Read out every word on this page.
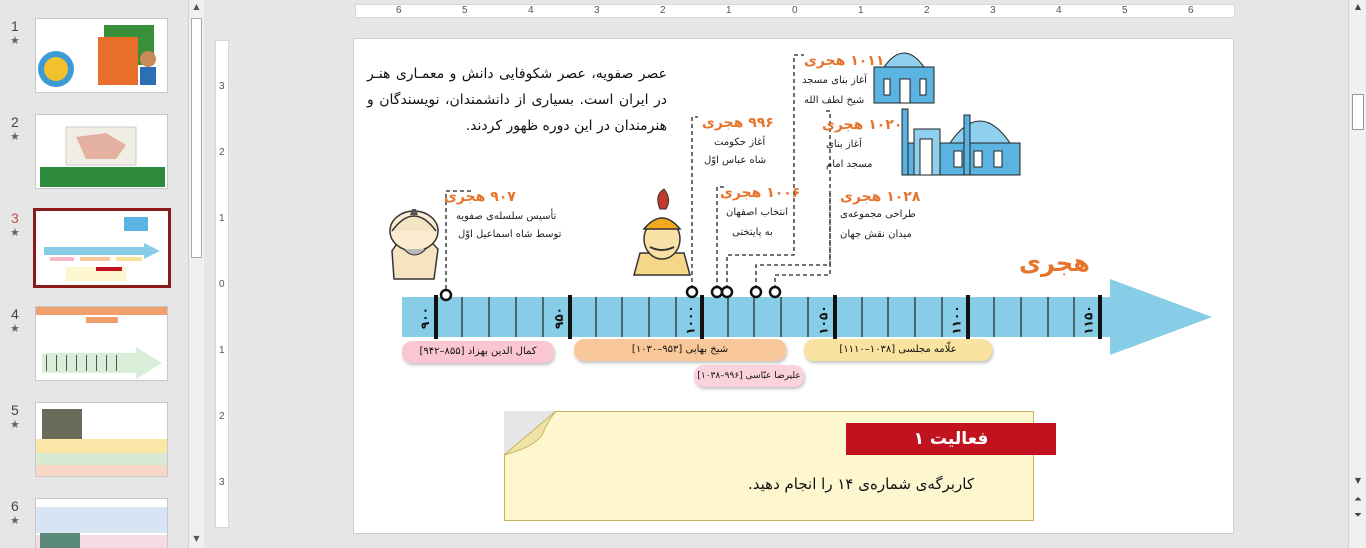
1
★
2
★
3
★
4
★
5
★
6
★
▲
▼
6	5	4	3	2	1	0	1	2	3	4	5	6
3
2
1
0
1
2
3
۹۰۰	۹۵۰	۱۰۰۰	۱۰۵۰	۱۱۰۰	۱۱۵۰
عصر صفویه، عصر شکوفایی دانش و معمـاری هنـر در ایران است. بسیاری از دانشمندان، نویسندگان و هنرمندان در این دوره ظهور کردند.
هجری
۹۰۷ هجری
تأسیس سلسله‌ی صفویه
توسط شاه اسماعیل اوّل
۹۹۶ هجری
آغاز حکومت
شاه عباس اوّل
۱۰۰۶ هجری
انتخاب اصفهان
به پایتختی
۱۰۱۱ هجری
آغاز بنای مسجد
شیخ لطف الله
۱۰۲۰ هجری
آغاز بنای
مسجد امام
۱۰۲۸ هجری
طراحی مجموعه‌ی
میدان نقش جهان
کمال الدین بهزاد [۸۵۵–۹۴۲]	شیخ بهایی [۹۵۳–۱۰۳۰]
علیرضا عبّاسی [۹۹۶–۱۰۳۸]
علّامه مجلسی [۱۰۳۸–۱۱۱۰]
فعالیت ۱
کاربرگه‌ی شماره‌ی ۱۴ را انجام دهید.
▲
▼
⏶
⏷
